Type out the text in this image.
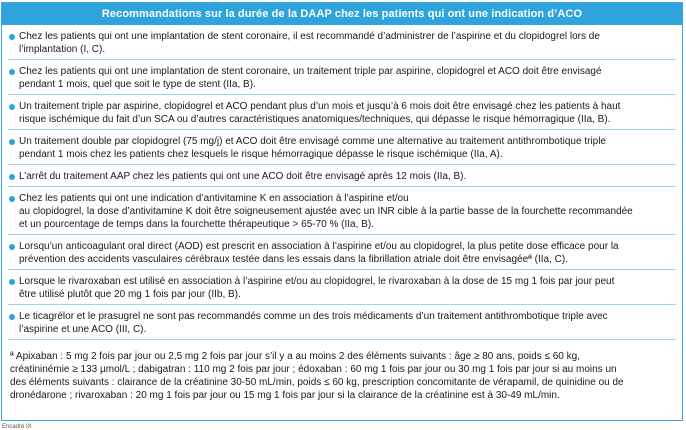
Recommandations sur la durée de la DAAP chez les patients qui ont une indication d’ACO
Chez les patients qui ont une implantation de stent coronaire, il est recommandé d’administrer de l’aspirine et du clopidogrel lors de
l’implantation (I, C).
Chez les patients qui ont une implantation de stent coronaire, un traitement triple par aspirine, clopidogrel et ACO doit être envisagé
pendant 1 mois, quel que soit le type de stent (IIa, B).
Un traitement triple par aspirine, clopidogrel et ACO pendant plus d’un mois et jusqu’à 6 mois doit être envisagé chez les patients à haut
risque ischémique du fait d’un SCA ou d’autres caractéristiques anatomiques/techniques, qui dépasse le risque hémorragique (IIa, B).
Un traitement double par clopidogrel (75 mg/j) et ACO doit être envisagé comme une alternative au traitement antithrombotique triple
pendant 1 mois chez les patients chez lesquels le risque hémorragique dépasse le risque ischémique (IIa, A).
L’arrêt du traitement AAP chez les patients qui ont une ACO doit être envisagé après 12 mois (IIa, B).
Chez les patients qui ont une indication d’antivitamine K en association à l’aspirine et/ou
au clopidogrel, la dose d’antivitamine K doit être soigneusement ajustée avec un INR cible à la partie basse de la fourchette recommandée
et un pourcentage de temps dans la fourchette thérapeutique > 65-70 % (IIa, B).
Lorsqu’un anticoagulant oral direct (AOD) est prescrit en association à l’aspirine et/ou au clopidogrel, la plus petite dose efficace pour la
prévention des accidents vasculaires cérébraux testée dans les essais dans la fibrillation atriale doit être envisagéeª (IIa, C).
Lorsque le rivaroxaban est utilisé en association à l’aspirine et/ou au clopidogrel, le rivaroxaban à la dose de 15 mg 1 fois par jour peut
être utilisé plutôt que 20 mg 1 fois par jour (IIb, B).
Le ticagrélor et le prasugrel ne sont pas recommandés comme un des trois médicaments d’un traitement antithrombotique triple avec
l’aspirine et une ACO (III, C).

ª Apixaban : 5 mg 2 fois par jour ou 2,5 mg 2 fois par jour s’il y a au moins 2 des éléments suivants : âge ≥ 80 ans, poids ≤ 60 kg,
créatininémie ≥ 133 µmol/L ; dabigatran : 110 mg 2 fois par jour ; édoxaban : 60 mg 1 fois par jour ou 30 mg 1 fois par jour si au moins un
des éléments suivants : clairance de la créatinine 30-50 mL/min, poids ≤ 60 kg, prescription concomitante de vérapamil, de quinidine ou de
dronédarone ; rivaroxaban : 20 mg 1 fois par jour ou 15 mg 1 fois par jour si la clairance de la créatinine est à 30-49 mL/min.

Encadré IX
